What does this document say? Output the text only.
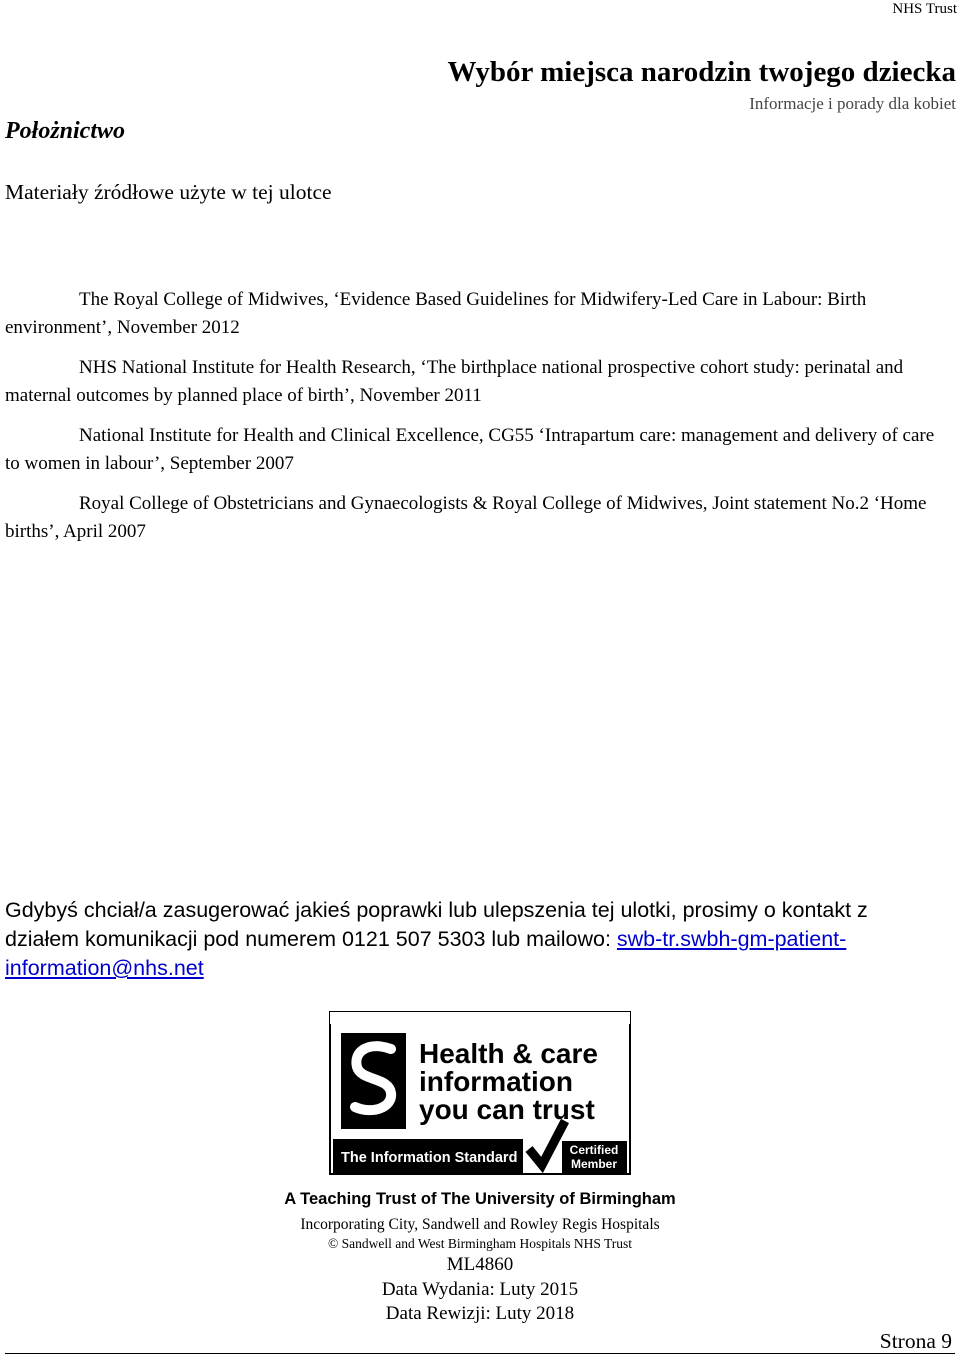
NHS Trust
Wybór miejsca narodzin twojego dziecka
Informacje i porady dla kobiet
Położnictwo
Materiały źródłowe użyte w tej ulotce

The Royal College of Midwives, ‘Evidence Based Guidelines for Midwifery-Led Care in Labour: Birth environment’, November 2012

NHS National Institute for Health Research, ‘The birthplace national prospective cohort study: perinatal and maternal outcomes by planned place of birth’, November 2011

National Institute for Health and Clinical Excellence, CG55 ‘Intrapartum care: management and delivery of care to women in labour’, September 2007

Royal College of Obstetricians and Gynaecologists & Royal College of Midwives, Joint statement No.2 ‘Home births’, April 2007

Gdybyś chciał/a zasugerować jakieś poprawki lub ulepszenia tej ulotki, prosimy o kontakt z działem komunikacji pod numerem 0121 507 5303 lub mailowo: swb-tr.swbh-gm-patient-information@nhs.net
Health & care
information
you can trust
The Information Standard	Certified
Member
A Teaching Trust of The University of Birmingham
Incorporating City, Sandwell and Rowley Regis Hospitals
© Sandwell and West Birmingham Hospitals NHS Trust
ML4860
Data Wydania: Luty 2015
Data Rewizji: Luty 2018
Strona 9
